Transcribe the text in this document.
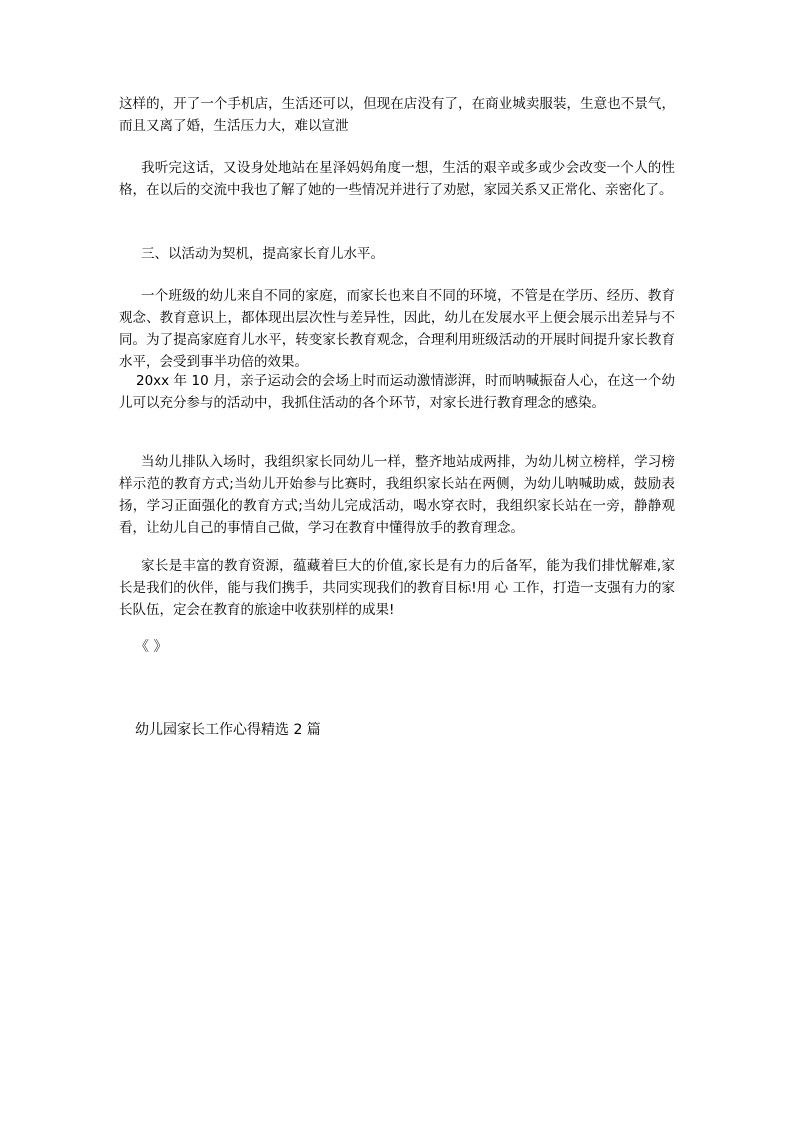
这样的，开了一个手机店，生活还可以，但现在店没有了，在商业城卖服装，生意也不景气，而且又离了婚，生活压力大，难以宣泄

我听完这话，又设身处地站在星泽妈妈角度一想，生活的艰辛或多或少会改变一个人的性格，在以后的交流中我也了解了她的一些情况并进行了劝慰，家园关系又正常化、亲密化了。

三、以活动为契机，提高家长育儿水平。

一个班级的幼儿来自不同的家庭，而家长也来自不同的环境，不管是在学历、经历、教育观念、教育意识上，都体现出层次性与差异性，因此，幼儿在发展水平上便会展示出差异与不同。为了提高家庭育儿水平，转变家长教育观念，合理利用班级活动的开展时间提升家长教育水平，会受到事半功倍的效果。

20xx 年 10 月，亲子运动会的会场上时而运动激情澎湃，时而呐喊振奋人心，在这一个幼儿可以充分参与的活动中，我抓住活动的各个环节，对家长进行教育理念的感染。

当幼儿排队入场时，我组织家长同幼儿一样，整齐地站成两排，为幼儿树立榜样，学习榜样示范的教育方式;当幼儿开始参与比赛时，我组织家长站在两侧，为幼儿呐喊助威，鼓励表扬，学习正面强化的教育方式;当幼儿完成活动，喝水穿衣时，我组织家长站在一旁，静静观看，让幼儿自己的事情自己做，学习在教育中懂得放手的教育理念。

家长是丰富的教育资源，蕴藏着巨大的价值,家长是有力的后备军，能为我们排忧解难,家长是我们的伙伴，能与我们携手，共同实现我们的教育目标!用 心 工作，打造一支强有力的家长队伍，定会在教育的旅途中收获别样的成果!

《 》
幼儿园家长工作心得精选 2 篇
